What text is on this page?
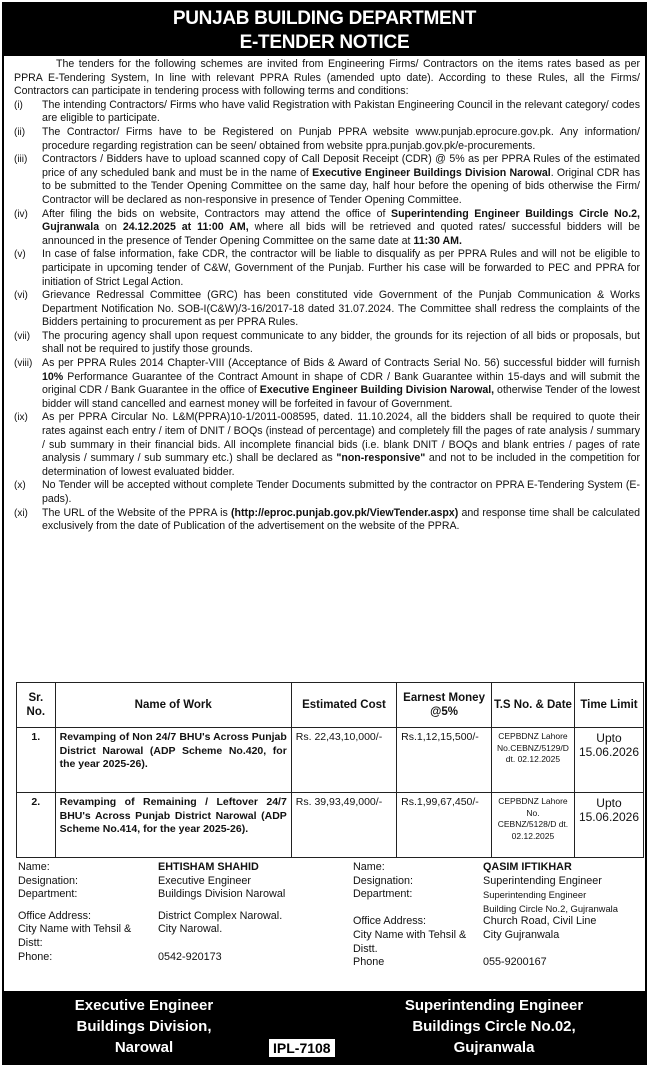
PUNJAB BUILDING DEPARTMENT
E-TENDER NOTICE

The tenders for the following schemes are invited from Engineering Firms/ Contractors on the items rates based as per PPRA E-Tendering System, In line with relevant PPRA Rules (amended upto date). According to these Rules, all the Firms/ Contractors can participate in tendering process with following terms and conditions:

(i)	The intending Contractors/ Firms who have valid Registration with Pakistan Engineering Council in the relevant category/ codes are eligible to participate.
(ii)	The Contractor/ Firms have to be Registered on Punjab PPRA website www.punjab.eprocure.gov.pk. Any information/ procedure regarding registration can be seen/ obtained from website ppra.punjab.gov.pk/e-procurements.
(iii)	Contractors / Bidders have to upload scanned copy of Call Deposit Receipt (CDR) @ 5% as per PPRA Rules of the estimated price of any scheduled bank and must be in the name of Executive Engineer Buildings Division Narowal. Original CDR has to be submitted to the Tender Opening Committee on the same day, half hour before the opening of bids otherwise the Firm/ Contractor will be declared as non-responsive in presence of Tender Opening Committee.
(iv)	After filing the bids on website, Contractors may attend the office of Superintending Engineer Buildings Circle No.2, Gujranwala on 24.12.2025 at 11:00 AM, where all bids will be retrieved and quoted rates/ successful bidders will be announced in the presence of Tender Opening Committee on the same date at 11:30 AM.
(v)	In case of false information, fake CDR, the contractor will be liable to disqualify as per PPRA Rules and will not be eligible to participate in upcoming tender of C&W, Government of the Punjab. Further his case will be forwarded to PEC and PPRA for initiation of Strict Legal Action.
(vi)	Grievance Redressal Committee (GRC) has been constituted vide Government of the Punjab Communication & Works Department Notification No. SOB-I(C&W)/3-16/2017-18 dated 31.07.2024. The Committee shall redress the complaints of the Bidders pertaining to procurement as per PPRA Rules.
(vii)	The procuring agency shall upon request communicate to any bidder, the grounds for its rejection of all bids or proposals, but shall not be required to justify those grounds.
(viii) As per PPRA Rules 2014 Chapter-VIII (Acceptance of Bids & Award of Contracts Serial No. 56) successful bidder will furnish 10% Performance Guarantee of the Contract Amount in shape of CDR / Bank Guarantee within 15-days and will submit the original CDR / Bank Guarantee in the office of Executive Engineer Building Division Narowal, otherwise Tender of the lowest bidder will stand cancelled and earnest money will be forfeited in favour of Government.
(ix)	As per PPRA Circular No. L&M(PPRA)10-1/2011-008595, dated. 11.10.2024, all the bidders shall be required to quote their rates against each entry / item of DNIT / BOQs (instead of percentage) and completely fill the pages of rate analysis / summary / sub summary in their financial bids. All incomplete financial bids (i.e. blank DNIT / BOQs and blank entries / pages of rate analysis / summary / sub summary etc.) shall be declared as "non-responsive" and not to be included in the competition for determination of lowest evaluated bidder.
(x)	No Tender will be accepted without complete Tender Documents submitted by the contractor on PPRA E-Tendering System (E-pads).
(xi)	The URL of the Website of the PPRA is (http://eproc.punjab.gov.pk/ViewTender.aspx) and response time shall be calculated exclusively from the date of Publication of the advertisement on the website of the PPRA.
Sr. No.	Name of Work	Estimated Cost	Earnest Money @5%	T.S No. & Date	Time Limit
1.	Revamping of Non 24/7 BHU's Across Punjab District Narowal (ADP Scheme No.420, for the year 2025-26).	Rs. 22,43,10,000/-	Rs.1,12,15,500/-	CEPBDNZ Lahore No.CEBNZ/5129/D dt. 02.12.2025	Upto 15.06.2026
2.	Revamping of Remaining / Leftover 24/7 BHU's Across Punjab District Narowal (ADP Scheme No.414, for the year 2025-26).	Rs. 39,93,49,000/-	Rs.1,99,67,450/-	CEPBDNZ Lahore No. CEBNZ/5128/D dt. 02.12.2025	Upto 15.06.2026
Name:	EHTISHAM SHAHID
Designation:	Executive Engineer
Department:	Buildings Division Narowal
Office Address:	District Complex Narowal.
City Name with Tehsil &	City Narowal.
Distt:
Phone:	0542-920173
Name:	QASIM IFTIKHAR
Designation:	Superintending Engineer
Department:	Superintending Engineer
Building Circle No.2, Gujranwala
Office Address:	Church Road, Civil Line
City Name with Tehsil &	City Gujranwala
Distt.
Phone	055-9200167
Executive Engineer
Buildings Division,
Narowal	IPL-7108
Superintending Engineer
Buildings Circle No.02,
Gujranwala
